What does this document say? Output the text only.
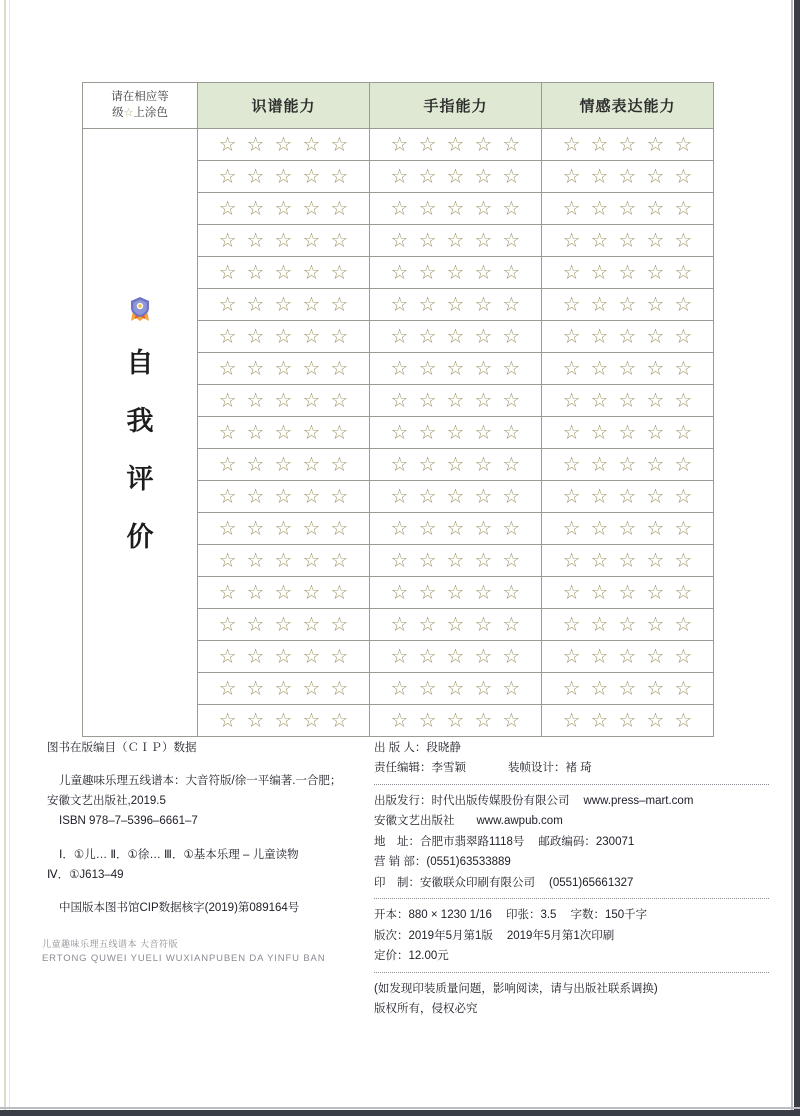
请在相应等
级☆上涂色	识谱能力	手指能力	情感表达能力

自
我
评
价	☆ ☆ ☆ ☆ ☆	☆ ☆ ☆ ☆ ☆	☆ ☆ ☆ ☆ ☆
	☆ ☆ ☆ ☆ ☆	☆ ☆ ☆ ☆ ☆	☆ ☆ ☆ ☆ ☆
	☆ ☆ ☆ ☆ ☆	☆ ☆ ☆ ☆ ☆	☆ ☆ ☆ ☆ ☆
	☆ ☆ ☆ ☆ ☆	☆ ☆ ☆ ☆ ☆	☆ ☆ ☆ ☆ ☆
	☆ ☆ ☆ ☆ ☆	☆ ☆ ☆ ☆ ☆	☆ ☆ ☆ ☆ ☆
	☆ ☆ ☆ ☆ ☆	☆ ☆ ☆ ☆ ☆	☆ ☆ ☆ ☆ ☆
	☆ ☆ ☆ ☆ ☆	☆ ☆ ☆ ☆ ☆	☆ ☆ ☆ ☆ ☆
	☆ ☆ ☆ ☆ ☆	☆ ☆ ☆ ☆ ☆	☆ ☆ ☆ ☆ ☆
	☆ ☆ ☆ ☆ ☆	☆ ☆ ☆ ☆ ☆	☆ ☆ ☆ ☆ ☆
	☆ ☆ ☆ ☆ ☆	☆ ☆ ☆ ☆ ☆	☆ ☆ ☆ ☆ ☆
	☆ ☆ ☆ ☆ ☆	☆ ☆ ☆ ☆ ☆	☆ ☆ ☆ ☆ ☆
	☆ ☆ ☆ ☆ ☆	☆ ☆ ☆ ☆ ☆	☆ ☆ ☆ ☆ ☆
	☆ ☆ ☆ ☆ ☆	☆ ☆ ☆ ☆ ☆	☆ ☆ ☆ ☆ ☆
	☆ ☆ ☆ ☆ ☆	☆ ☆ ☆ ☆ ☆	☆ ☆ ☆ ☆ ☆
	☆ ☆ ☆ ☆ ☆	☆ ☆ ☆ ☆ ☆	☆ ☆ ☆ ☆ ☆
	☆ ☆ ☆ ☆ ☆	☆ ☆ ☆ ☆ ☆	☆ ☆ ☆ ☆ ☆
	☆ ☆ ☆ ☆ ☆	☆ ☆ ☆ ☆ ☆	☆ ☆ ☆ ☆ ☆
	☆ ☆ ☆ ☆ ☆	☆ ☆ ☆ ☆ ☆	☆ ☆ ☆ ☆ ☆
	☆ ☆ ☆ ☆ ☆	☆ ☆ ☆ ☆ ☆	☆ ☆ ☆ ☆ ☆
图书在版编目（ＣＩＰ）数据
儿童趣味乐理五线谱本：大音符版/徐一平编著.一合肥；
安徽文艺出版社,2019.5
ISBN 978–7–5396–6661–7
Ⅰ．①儿… Ⅱ．①徐… Ⅲ．①基本乐理 – 儿童读物
Ⅳ．①J613–49
中国版本图书馆CIP数据核字(2019)第089164号
儿童趣味乐理五线谱本 大音符版
ERTONG QUWEI YUELI WUXIANPUBEN DA YINFU BAN
出 版 人：段晓静
责任编辑：李雪颖	装帧设计：褚 琦
出版发行：时代出版传媒股份有限公司 www.press–mart.com
安徽文艺出版社 www.awpub.com
地　址：合肥市翡翠路1118号 邮政编码：230071
营 销 部：(0551)63533889
印　制：安徽联众印刷有限公司 (0551)65661327
开本：880 × 1230 1/16 印张：3.5 字数：150千字
版次：2019年5月第1版 2019年5月第1次印刷
定价：12.00元
(如发现印装质量问题，影响阅读，请与出版社联系调换)
版权所有，侵权必究
